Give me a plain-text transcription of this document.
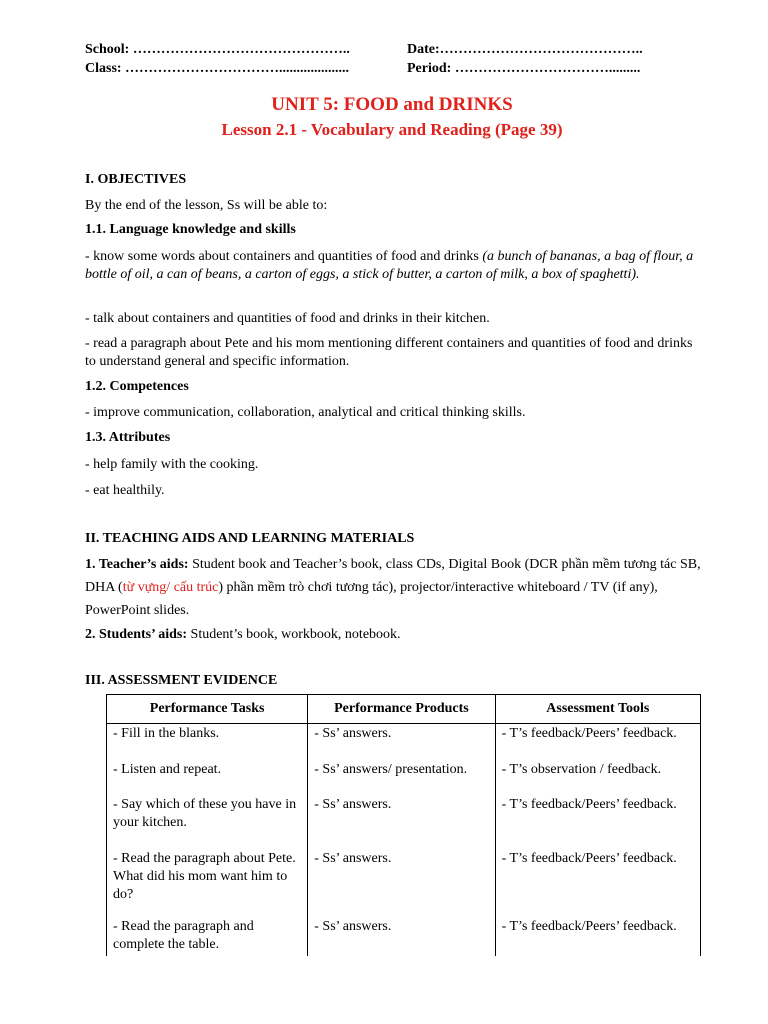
School: ………………………………………..	Date:……………………………………..
Class: ……………………………....................	Period: …………………………….........
UNIT 5: FOOD and DRINKS
Lesson 2.1 - Vocabulary and Reading (Page 39)
I. OBJECTIVES
By the end of the lesson, Ss will be able to:
1.1. Language knowledge and skills
- know some words about containers and quantities of food and drinks (a bunch of bananas, a bag of flour, a bottle of oil, a can of beans, a carton of eggs, a stick of butter, a carton of milk, a box of spaghetti).
- talk about containers and quantities of food and drinks in their kitchen.
- read a paragraph about Pete and his mom mentioning different containers and quantities of food and drinks to understand general and specific information.
1.2. Competences
- improve communication, collaboration, analytical and critical thinking skills.
1.3. Attributes
- help family with the cooking.
- eat healthily.
II. TEACHING AIDS AND LEARNING MATERIALS
1. Teacher’s aids: Student book and Teacher’s book, class CDs, Digital Book (DCR phần mềm tương tác SB, DHA (từ vựng/ cấu trúc) phần mềm trò chơi tương tác), projector/interactive whiteboard / TV (if any), PowerPoint slides.
2. Students’ aids: Student’s book, workbook, notebook.
III. ASSESSMENT EVIDENCE
Performance Tasks	Performance Products	Assessment Tools
- Fill in the blanks.	- Ss’ answers.	- T’s feedback/Peers’ feedback.
- Listen and repeat.	- Ss’ answers/ presentation.	- T’s observation / feedback.
- Say which of these you have in your kitchen.	- Ss’ answers.	- T’s feedback/Peers’ feedback.
- Read the paragraph about Pete. What did his mom want him to do?	- Ss’ answers.	- T’s feedback/Peers’ feedback.
- Read the paragraph and complete the table.	- Ss’ answers.	- T’s feedback/Peers’ feedback.
